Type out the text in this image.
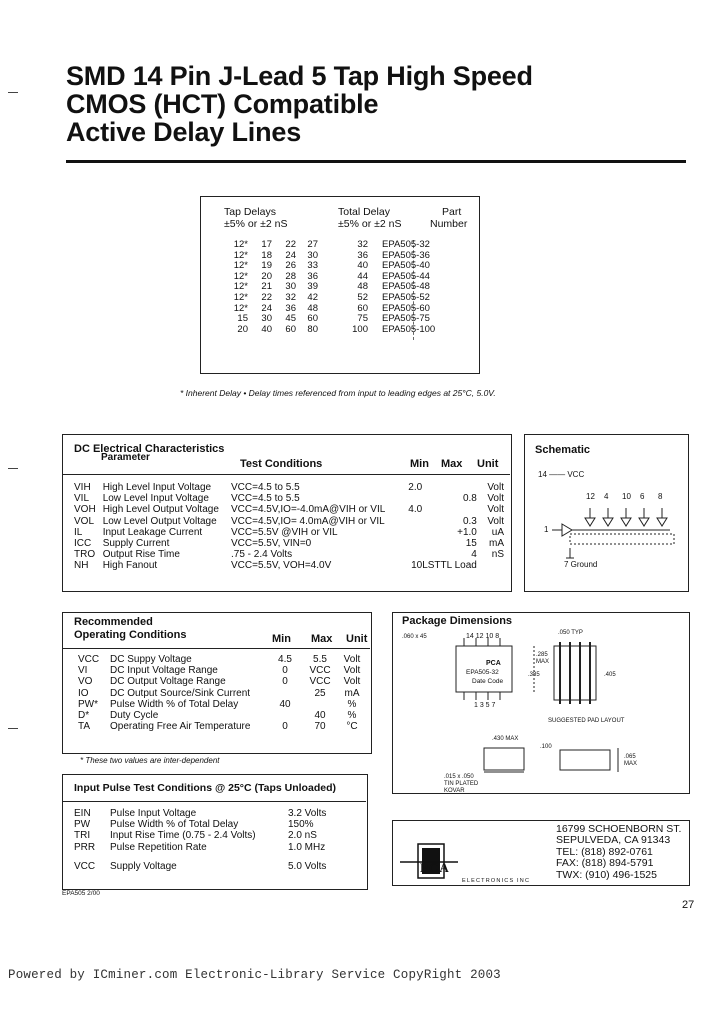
SMD 14 Pin J-Lead 5 Tap High Speed
CMOS (HCT) Compatible
Active Delay Lines
Tap Delays
±5% or ±2 nS
Total Delay
±5% or ±2 nS
Part
Number
12*	17	22	27	32	EPA505-32
12*	18	24	30	36	EPA505-36
12*	19	26	33	40	EPA505-40
12*	20	28	36	44	EPA505-44
12*	21	30	39	48	EPA505-48
12*	22	32	42	52	EPA505-52
12*	24	36	48	60	EPA505-60
15	30	45	60	75	EPA505-75
20	40	60	80	100	EPA505-100
* Inherent Delay • Delay times referenced from input to leading edges at 25°C, 5.0V.
DC Electrical Characteristics
Parameter
Test Conditions	Min Max Unit
VIH	High Level Input Voltage	VCC=4.5 to 5.5	2.0		Volt
VIL	Low Level Input Voltage	VCC=4.5 to 5.5		0.8	Volt
VOH	High Level Output Voltage	VCC=4.5V,IO=-4.0mA@VIH or VIL	4.0		Volt
VOL	Low Level Output Voltage	VCC=4.5V,IO= 4.0mA@VIH or VIL		0.3	Volt
IL	Input Leakage Current	VCC=5.5V @VIH or VIL		+1.0	uA
ICC	Supply Current	VCC=5.5V, VIN=0		15	mA
TRO	Output Rise Time	.75 - 2.4 Volts		4	nS
NH	High Fanout	VCC=5.5V, VOH=4.0V	10	LSTTL Load	
Schematic
14 —— VCC
7 Ground
1
12 4 10 6 8
Recommended
Operating Conditions	Min Max Unit
VCC	DC Suppy Voltage	4.5	5.5	Volt
VI	DC Input Voltage Range	0	VCC	Volt
VO	DC Output Voltage Range	0	VCC	Volt
IO	DC Output Source/Sink Current		25	mA
PW*	Pulse Width % of Total Delay	40		%
D*	Duty Cycle		40	%
TA	Operating Free Air Temperature	0	70	°C
* These two values are inter-dependent
Package Dimensions
.060 x 45	14 12 10 8
1 3 5 7
PCA
EPA505-32
Date Code
.050 TYP
.285 MAX
.385	.405
SUGGESTED PAD LAYOUT
.430 MAX
.015 x .050
TIN PLATED KOVAR
.100
.065 MAX
Input Pulse Test Conditions @ 25°C (Taps Unloaded)
EIN	Pulse Input Voltage	3.2 Volts
PW	Pulse Width % of Total Delay	150%
TRI	Input Rise Time (0.75 - 2.4 Volts)	2.0 nS
PRR	Pulse Repetition Rate	1.0 MHz
VCC	Supply Voltage	5.0 Volts
EPA505 2/00
PCA
ELECTRONICS INC
16799 SCHOENBORN ST.
SEPULVEDA, CA 91343
TEL: (818) 892-0761
FAX: (818) 894-5791
TWX: (910) 496-1525
27
Powered by ICminer.com Electronic-Library Service CopyRight 2003
